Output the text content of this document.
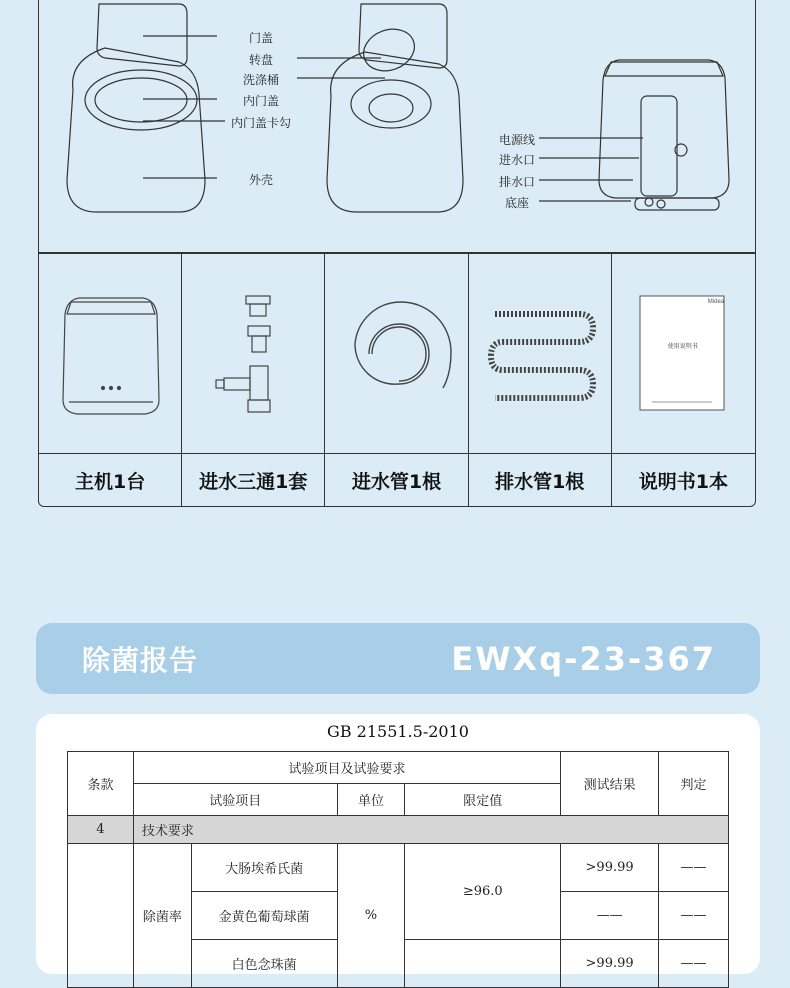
门盖
转盘
洗涤桶
内门盖
内门盖卡勾
外壳
电源线
进水口
排水口
底座
Midea
使用说明书
主机1台	进水三通1套	进水管1根	排水管1根	说明书1本
除菌报告	EWXq-23-367
GB 21551.5-2010
条款	试验项目及试验要求				测试结果	判定
	试验项目		单位	限定值		
4	技术要求					
	除菌率	大肠埃希氏菌	%	≥96.0	>99.99	——
		金黄色葡萄球菌			——	——
		白色念珠菌			>99.99	——
